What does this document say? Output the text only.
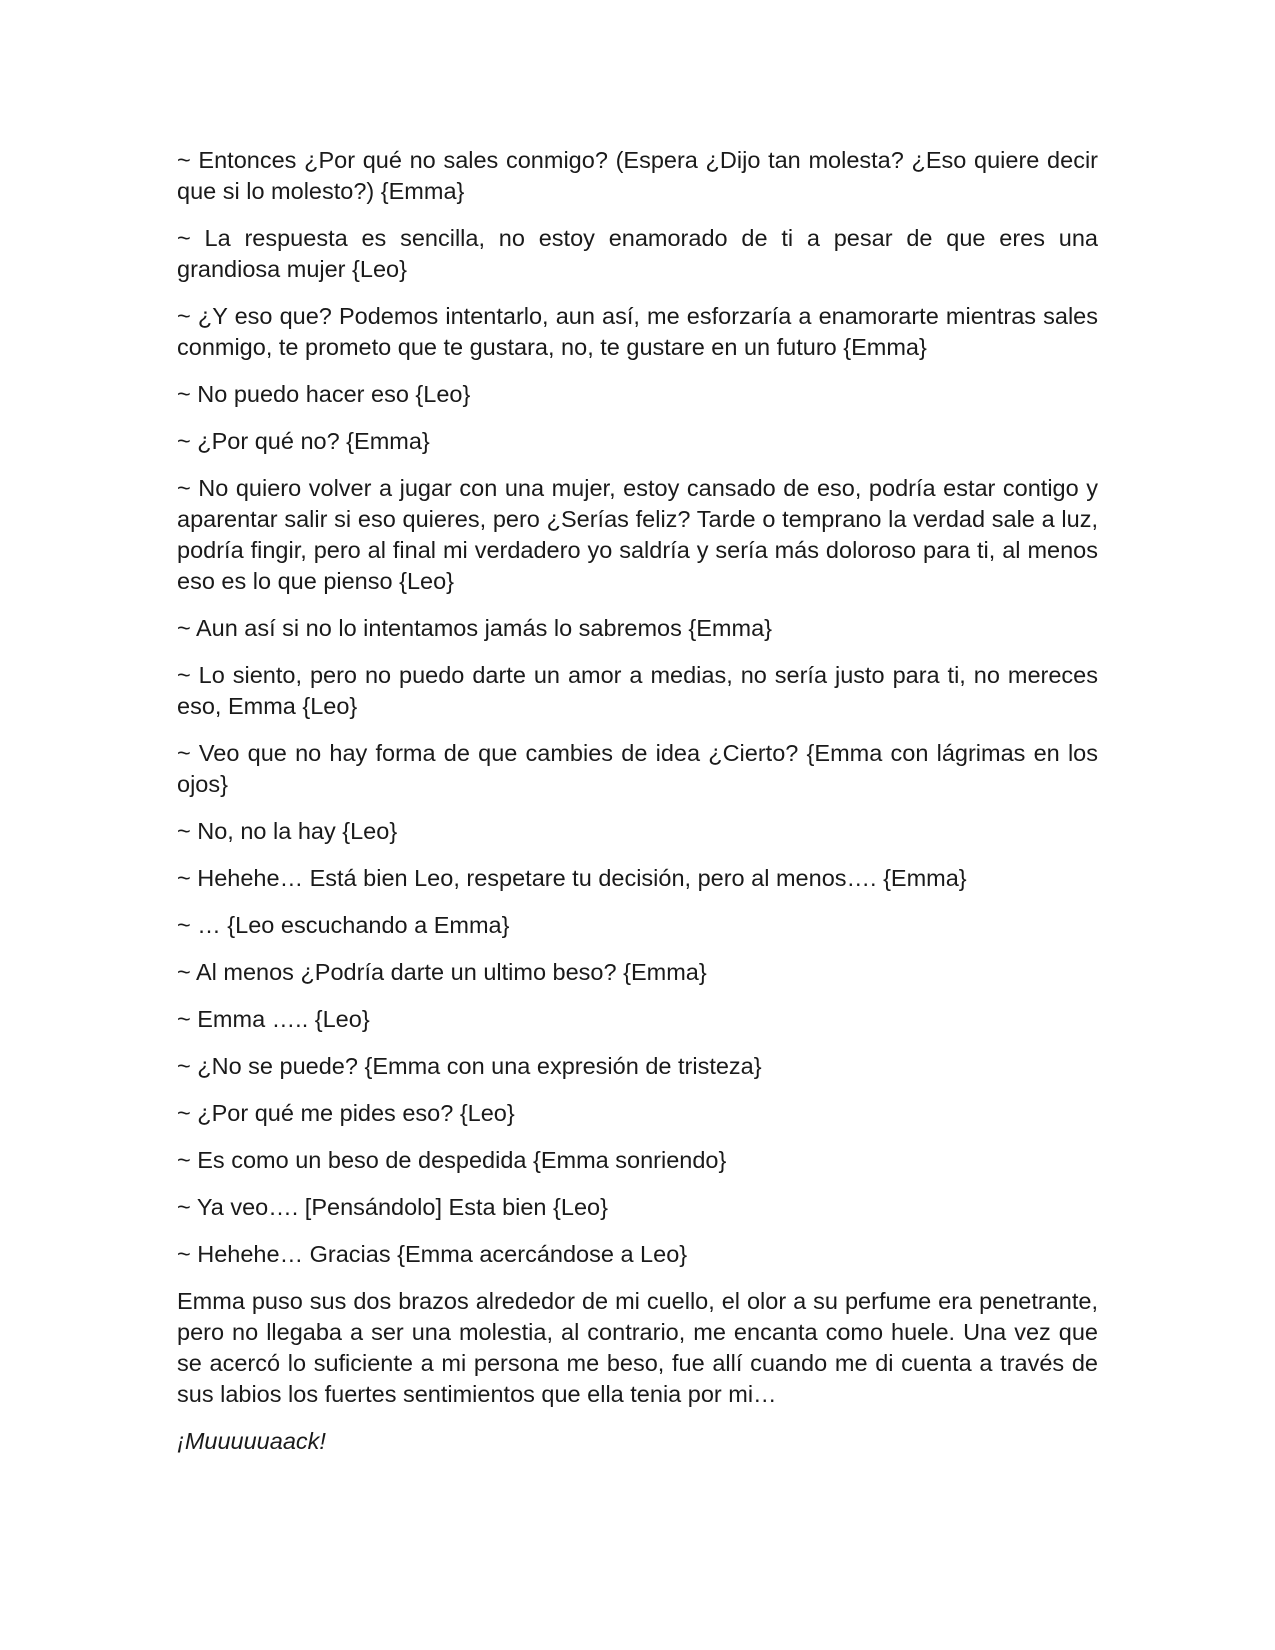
~ Entonces ¿Por qué no sales conmigo? (Espera ¿Dijo tan molesta? ¿Eso quiere decir que si lo molesto?) {Emma}

~ La respuesta es sencilla, no estoy enamorado de ti a pesar de que eres una grandiosa mujer {Leo}

~ ¿Y eso que? Podemos intentarlo, aun así, me esforzaría a enamorarte mientras sales conmigo, te prometo que te gustara, no, te gustare en un futuro {Emma}

~ No puedo hacer eso {Leo}

~ ¿Por qué no? {Emma}

~ No quiero volver a jugar con una mujer, estoy cansado de eso, podría estar contigo y aparentar salir si eso quieres, pero ¿Serías feliz? Tarde o temprano la verdad sale a luz, podría fingir, pero al final mi verdadero yo saldría y sería más doloroso para ti, al menos eso es lo que pienso {Leo}

~ Aun así si no lo intentamos jamás lo sabremos {Emma}

~ Lo siento, pero no puedo darte un amor a medias, no sería justo para ti, no mereces eso, Emma {Leo}

~ Veo que no hay forma de que cambies de idea ¿Cierto? {Emma con lágrimas en los ojos}

~ No, no la hay {Leo}

~ Hehehe… Está bien Leo, respetare tu decisión, pero al menos…. {Emma}

~ … {Leo escuchando a Emma}

~ Al menos ¿Podría darte un ultimo beso? {Emma}

~ Emma ….. {Leo}

~ ¿No se puede? {Emma con una expresión de tristeza}

~ ¿Por qué me pides eso? {Leo}

~ Es como un beso de despedida {Emma sonriendo}

~ Ya veo…. [Pensándolo] Esta bien {Leo}

~ Hehehe… Gracias {Emma acercándose a Leo}

Emma puso sus dos brazos alrededor de mi cuello, el olor a su perfume era penetrante, pero no llegaba a ser una molestia, al contrario, me encanta como huele. Una vez que se acercó lo suficiente a mi persona me beso, fue allí cuando me di cuenta a través de sus labios los fuertes sentimientos que ella tenia por mi…

¡Muuuuuaack!
